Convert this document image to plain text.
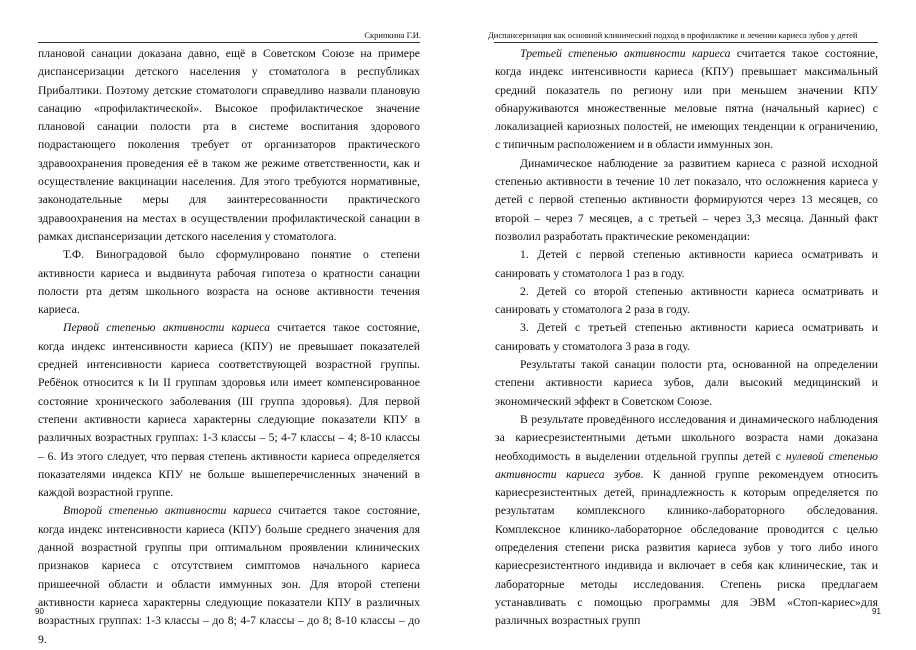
Скрипкина Г.И.

плановой санации доказана давно, ещё в Советском Союзе на примере диспансеризации детского населения у стоматолога в республиках Прибалтики. Поэтому детские стоматологи справедливо назвали плановую санацию «профилактической». Высокое профилактическое значение плановой санации полости рта в системе воспитания здорового подрастающего поколения требует от организаторов практического здравоохранения проведения её в таком же режиме ответственности, как и осуществление вакцинации населения. Для этого требуются нормативные, законодательные меры для заинтересованности практического здравоохранения на местах в осуществлении профилактической санации в рамках диспансеризации детского населения у стоматолога.

Т.Ф. Виноградовой было сформулировано понятие о степени активности кариеса и выдвинута рабочая гипотеза о кратности санации полости рта детям школьного возраста на основе активности течения кариеса.

Первой степенью активности кариеса считается такое состояние, когда индекс интенсивности кариеса (КПУ) не превышает показателей средней интенсивности кариеса соответствующей возрастной группы. Ребёнок относится к Iи II группам здоровья или имеет компенсированное состояние хронического заболевания (III группа здоровья). Для первой степени активности кариеса характерны следующие показатели КПУ в различных возрастных группах: 1-3 классы – 5; 4-7 классы – 4; 8-10 классы – 6. Из этого следует, что первая степень активности кариеса определяется показателями индекса КПУ не больше вышеперечисленных значений в каждой возрастной группе.

Второй степенью активности кариеса считается такое состояние, когда индекс интенсивности кариеса (КПУ) больше среднего значения для данной возрастной группы при оптимальном проявлении клинических признаков кариеса с отсутствием симптомов начального кариеса пришеечной области и области иммунных зон. Для второй степени активности кариеса характерны следующие показатели КПУ в различных возрастных группах: 1-3 классы – до 8; 4-7 классы – до 8; 8-10 классы – до 9.

90
Диспансеризация как основной клинический подход в профилактике и лечении кариеса зубов у детей

Третьей степенью активности кариеса считается такое состояние, когда индекс интенсивности кариеса (КПУ) превышает максимальный средний показатель по региону или при меньшем значении КПУ обнаруживаются множественные меловые пятна (начальный кариес) с локализацией кариозных полостей, не имеющих тенденции к ограничению, с типичным расположением и в области иммунных зон.

Динамическое наблюдение за развитием кариеса с разной исходной степенью активности в течение 10 лет показало, что осложнения кариеса у детей с первой степенью активности формируются через 13 месяцев, со второй – через 7 месяцев, а с третьей – через 3,3 месяца. Данный факт позволил разработать практические рекомендации:

1. Детей с первой степенью активности кариеса осматривать и санировать у стоматолога 1 раз в году.

2. Детей со второй степенью активности кариеса осматривать и санировать у стоматолога 2 раза в году.

3. Детей с третьей степенью активности кариеса осматривать и санировать у стоматолога 3 раза в году.

Результаты такой санации полости рта, основанной на определении степени активности кариеса зубов, дали высокий медицинский и экономический эффект в Советском Союзе.

В результате проведённого исследования и динамического наблюдения за кариесрезистентными детьми школьного возраста нами доказана необходимость в выделении отдельной группы детей с нулевой степенью активности кариеса зубов. К данной группе рекомендуем относить кариесрезистентных детей, принадлежность к которым определяется по результатам комплексного клинико-лабораторного обследования. Комплексное клинико-лабораторное обследование проводится с целью определения степени риска развития кариеса зубов у того либо иного кариесрезистентного индивида и включает в себя как клинические, так и лабораторные методы исследования. Степень риска предлагаем устанавливать с помощью программы для ЭВМ «Стоп-кариес»для различных возрастных групп

91
